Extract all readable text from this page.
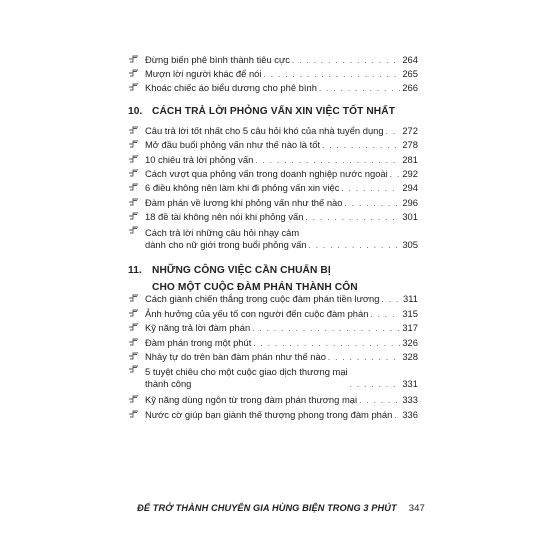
Đừng biến phê bình thành tiêu cực . . .	264
Mượn lời người khác để nói . . .	265
Khoác chiếc áo biểu dương cho phê bình . . .	266
10. CÁCH TRẢ LỜI PHỎNG VẤN XIN VIỆC TỐT NHẤT
Câu trả lời tốt nhất cho 5 câu hỏi khó của nhà tuyển dụng . . . 272
Mở đầu buổi phỏng vấn như thế nào là tốt . . .	278
10 chiêu trả lời phỏng vấn . . .	281
Cách vượt qua phỏng vấn trong doanh nghiệp nước ngoài . . . 292
6 điều không nên làm khi đi phỏng vấn xin việc . . .	294
Đàm phán về lương khi phỏng vấn như thế nào . . .	296
18 đề tài không nên nói khi phỏng vấn . . .	301
Cách trả lời những câu hỏi nhạy cảm
dành cho nữ giới trong buổi phỏng vấn . . .	305
11. NHỮNG CÔNG VIỆC CẦN CHUẨN BỊ
CHO MỘT CUỘC ĐÀM PHÁN THÀNH CÔN
Cách giành chiến thắng trong cuộc đàm phán tiền lương . . .	311
Ảnh hưởng của yếu tố con người đến cuộc đàm phán . . .	315
Kỹ năng trả lời đàm phán . . .	317
Đàm phán trong một phút . . .	326
Nhảy tự do trên bàn đàm phán như thế nào . . .	328
5 tuyệt chiêu cho một cuộc giao dịch thương mại
thành công . . .	331
Kỹ năng dùng ngôn từ trong đàm phán thương mại . . .	333
Nước cờ giúp bạn giành thế thượng phong trong đàm phán . . . 336
ĐỂ TRỞ THÀNH CHUYÊN GIA HÙNG BIỆN TRONG 3 PHÚT 347
